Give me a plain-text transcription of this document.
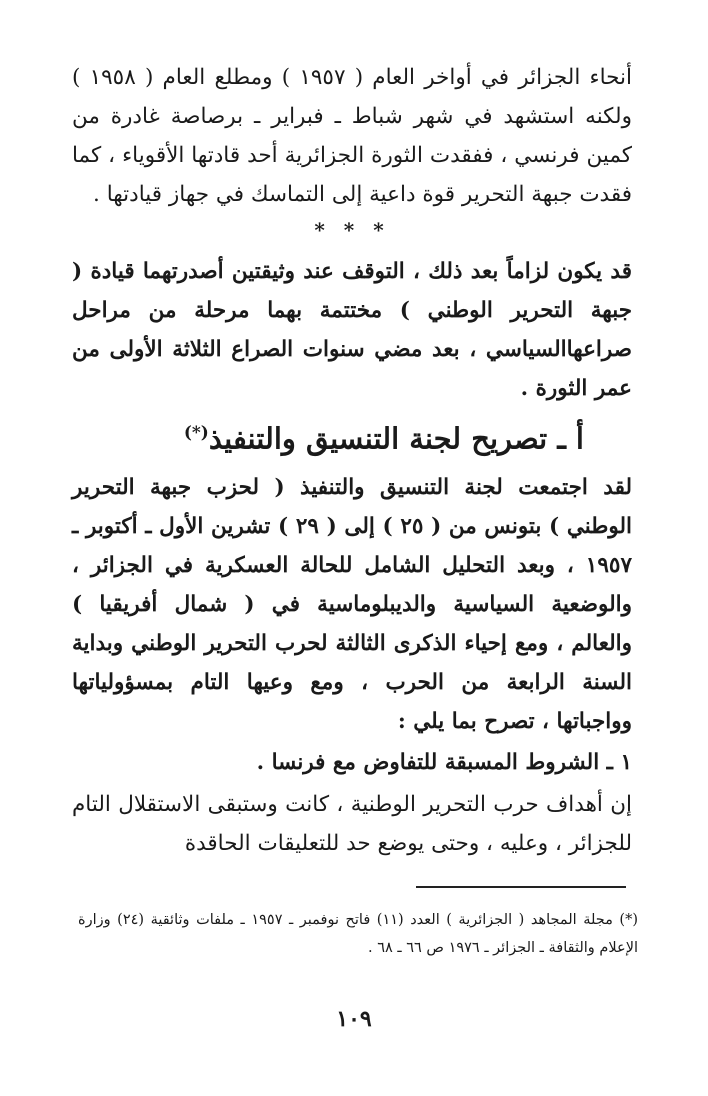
أنحاء الجزائر في أواخر العام ( ١٩٥٧ ) ومطلع العام ( ١٩٥٨ ) ولكنه استشهد في شهر شباط ـ فبراير ـ برصاصة غادرة من كمين فرنسي ، ففقدت الثورة الجزائرية أحد قادتها الأقوياء ، كما فقدت جبهة التحرير قوة داعية إلى التماسك في جهاز قيادتها .

* * *

قد يكون لزاماً بعد ذلك ، التوقف عند وثيقتين أصدرتهما قيادة ( جبهة التحرير الوطني ) مختتمة بهما مرحلة من مراحل صراعهاالسياسي ، بعد مضي سنوات الصراع الثلاثة الأولى من عمر الثورة .

أ ـ تصريح لجنة التنسيق والتنفيذ(*)

لقد اجتمعت لجنة التنسيق والتنفيذ ( لحزب جبهة التحرير الوطني ) بتونس من ( ٢٥ ) إلى ( ٢٩ ) تشرين الأول ـ أكتوبر ـ ١٩٥٧ ، وبعد التحليل الشامل للحالة العسكرية في الجزائر ، والوضعية السياسية والديبلوماسية في ( شمال أفريقيا ) والعالم ، ومع إحياء الذكرى الثالثة لحرب التحرير الوطني وبداية السنة الرابعة من الحرب ، ومع وعيها التام بمسؤولياتها وواجباتها ، تصرح بما يلي :

١ ـ الشروط المسبقة للتفاوض مع فرنسا .

إن أهداف حرب التحرير الوطنية ، كانت وستبقى الاستقلال التام للجزائر ، وعليه ، وحتى يوضع حد للتعليقات الحاقدة

(*) مجلة المجاهد ( الجزائرية ) العدد (١١) فاتح نوفمبر ـ ١٩٥٧ ـ ملفات وثائقية (٢٤) وزارة الإعلام والثقافة ـ الجزائر ـ ١٩٧٦ ص ٦٦ ـ ٦٨ .

١٠٩
